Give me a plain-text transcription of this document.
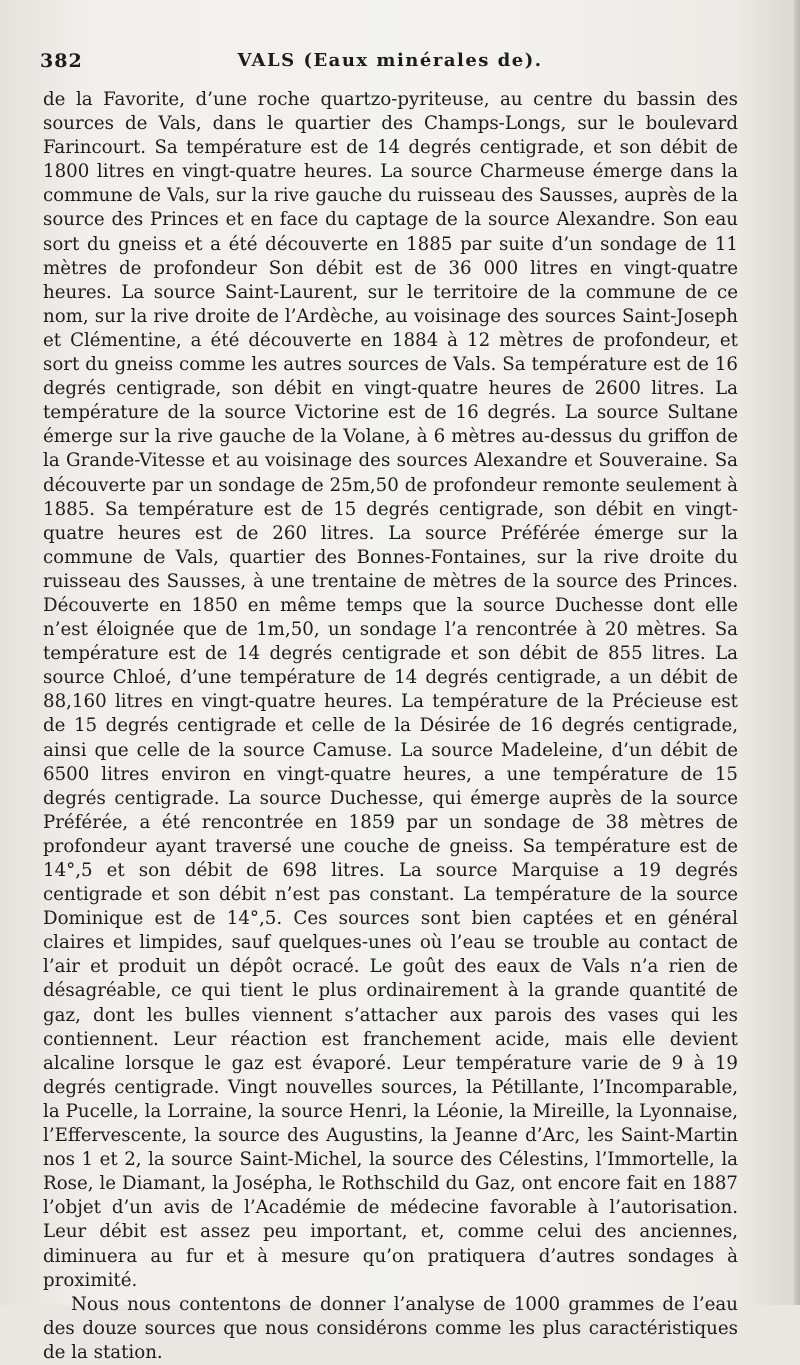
382	VALS (Eaux minérales de).

de la Favorite, d’une roche quartzo-pyriteuse, au centre du bassin des sources de Vals, dans le quartier des Champs-Longs, sur le boulevard Farincourt. Sa température est de 14 degrés centigrade, et son débit de 1800 litres en vingt-quatre heures. La source Charmeuse émerge dans la commune de Vals, sur la rive gauche du ruisseau des Sausses, auprès de la source des Princes et en face du captage de la source Alexandre. Son eau sort du gneiss et a été découverte en 1885 par suite d’un sondage de 11 mètres de profondeur Son débit est de 36 000 litres en vingt-quatre heures. La source Saint-Laurent, sur le territoire de la commune de ce nom, sur la rive droite de l’Ardèche, au voisinage des sources Saint-Joseph et Clémentine, a été découverte en 1884 à 12 mètres de profondeur, et sort du gneiss comme les autres sources de Vals. Sa température est de 16 degrés centigrade, son débit en vingt-quatre heures de 2600 litres. La température de la source Victorine est de 16 degrés. La source Sultane émerge sur la rive gauche de la Volane, à 6 mètres au-dessus du griffon de la Grande-Vitesse et au voisinage des sources Alexandre et Souveraine. Sa découverte par un sondage de 25m,50 de profondeur remonte seulement à 1885. Sa température est de 15 degrés centigrade, son débit en vingt-quatre heures est de 260 litres. La source Préférée émerge sur la commune de Vals, quartier des Bonnes-Fontaines, sur la rive droite du ruisseau des Sausses, à une trentaine de mètres de la source des Princes. Découverte en 1850 en même temps que la source Duchesse dont elle n’est éloignée que de 1m,50, un sondage l’a rencontrée à 20 mètres. Sa température est de 14 degrés centigrade et son débit de 855 litres. La source Chloé, d’une température de 14 degrés centigrade, a un débit de 88,160 litres en vingt-quatre heures. La température de la Précieuse est de 15 degrés centigrade et celle de la Désirée de 16 degrés centigrade, ainsi que celle de la source Camuse. La source Madeleine, d’un débit de 6500 litres environ en vingt-quatre heures, a une température de 15 degrés centigrade. La source Duchesse, qui émerge auprès de la source Préférée, a été rencontrée en 1859 par un sondage de 38 mètres de profondeur ayant traversé une couche de gneiss. Sa température est de 14°,5 et son débit de 698 litres. La source Marquise a 19 degrés centigrade et son débit n’est pas constant. La température de la source Dominique est de 14°,5. Ces sources sont bien captées et en général claires et limpides, sauf quelques-unes où l’eau se trouble au contact de l’air et produit un dépôt ocracé. Le goût des eaux de Vals n’a rien de désagréable, ce qui tient le plus ordinairement à la grande quantité de gaz, dont les bulles viennent s’attacher aux parois des vases qui les contiennent. Leur réaction est franchement acide, mais elle devient alcaline lorsque le gaz est évaporé. Leur température varie de 9 à 19 degrés centigrade. Vingt nouvelles sources, la Pétillante, l’Incomparable, la Pucelle, la Lorraine, la source Henri, la Léonie, la Mireille, la Lyonnaise, l’Effervescente, la source des Augustins, la Jeanne d’Arc, les Saint-Martin nos 1 et 2, la source Saint-Michel, la source des Célestins, l’Immortelle, la Rose, le Diamant, la Josépha, le Rothschild du Gaz, ont encore fait en 1887 l’objet d’un avis de l’Académie de médecine favorable à l’autorisation. Leur débit est assez peu important, et, comme celui des anciennes, diminuera au fur et à mesure qu’on pratiquera d’autres sondages à proximité.

Nous nous contentons de donner l’analyse de 1000 grammes de l’eau des douze sources que nous considérons comme les plus caractéristiques de la station.
